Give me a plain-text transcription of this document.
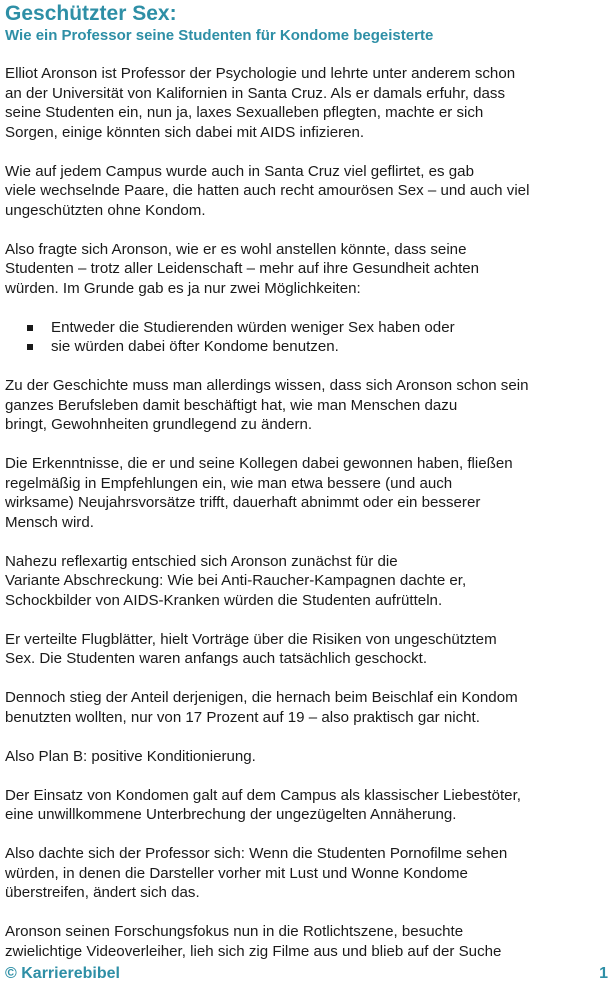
Geschützter Sex:
Wie ein Professor seine Studenten für Kondome begeisterte

Elliot Aronson ist Professor der Psychologie und lehrte unter anderem schon
an der Universität von Kalifornien in Santa Cruz. Als er damals erfuhr, dass
seine Studenten ein, nun ja, laxes Sexualleben pflegten, machte er sich
Sorgen, einige könnten sich dabei mit AIDS infizieren.

Wie auf jedem Campus wurde auch in Santa Cruz viel geflirtet, es gab
viele wechselnde Paare, die hatten auch recht amourösen Sex – und auch viel
ungeschützten ohne Kondom.

Also fragte sich Aronson, wie er es wohl anstellen könnte, dass seine
Studenten – trotz aller Leidenschaft – mehr auf ihre Gesundheit achten
würden. Im Grunde gab es ja nur zwei Möglichkeiten:

Entweder die Studierenden würden weniger Sex haben oder
sie würden dabei öfter Kondome benutzen.

Zu der Geschichte muss man allerdings wissen, dass sich Aronson schon sein
ganzes Berufsleben damit beschäftigt hat, wie man Menschen dazu
bringt, Gewohnheiten grundlegend zu ändern.

Die Erkenntnisse, die er und seine Kollegen dabei gewonnen haben, fließen
regelmäßig in Empfehlungen ein, wie man etwa bessere (und auch
wirksame) Neujahrsvorsätze trifft, dauerhaft abnimmt oder ein besserer
Mensch wird.

Nahezu reflexartig entschied sich Aronson zunächst für die
Variante Abschreckung: Wie bei Anti-Raucher-Kampagnen dachte er,
Schockbilder von AIDS-Kranken würden die Studenten aufrütteln.

Er verteilte Flugblätter, hielt Vorträge über die Risiken von ungeschütztem
Sex. Die Studenten waren anfangs auch tatsächlich geschockt.

Dennoch stieg der Anteil derjenigen, die hernach beim Beischlaf ein Kondom
benutzten wollten, nur von 17 Prozent auf 19 – also praktisch gar nicht.

Also Plan B: positive Konditionierung.

Der Einsatz von Kondomen galt auf dem Campus als klassischer Liebestöter,
eine unwillkommene Unterbrechung der ungezügelten Annäherung.

Also dachte sich der Professor sich: Wenn die Studenten Pornofilme sehen
würden, in denen die Darsteller vorher mit Lust und Wonne Kondome
überstreifen, ändert sich das.

Aronson seinen Forschungsfokus nun in die Rotlichtszene, besuchte
zwielichtige Videoverleiher, lieh sich zig Filme aus und blieb auf der Suche

© Karrierebibel	1
